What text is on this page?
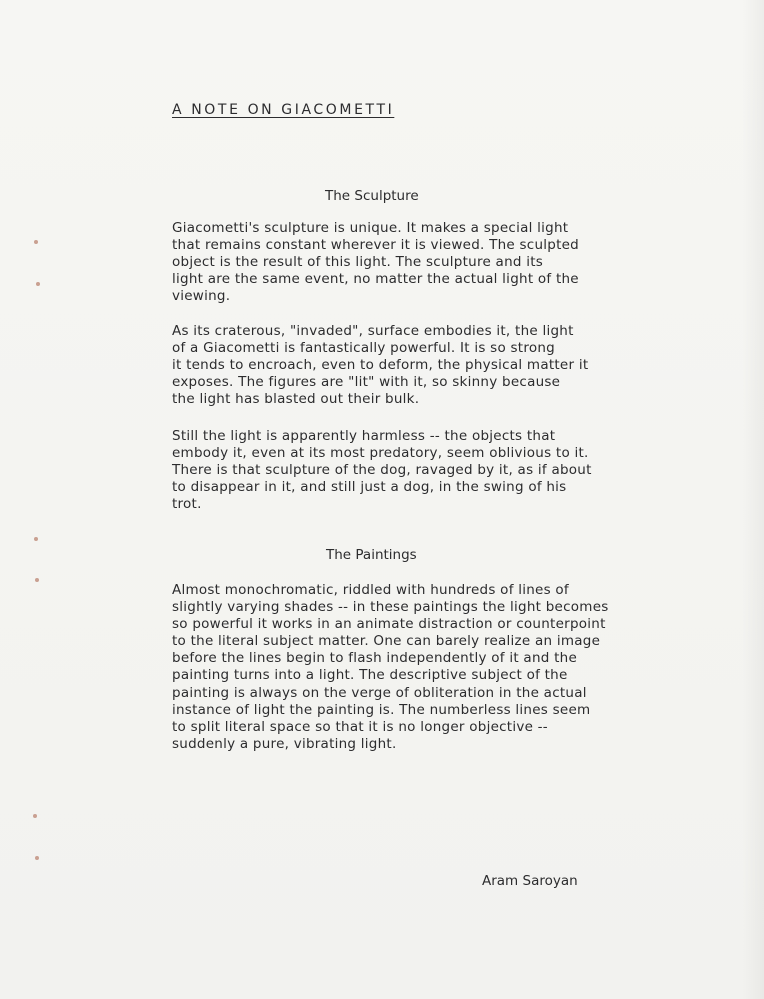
A NOTE ON GIACOMETTI
The Sculpture
Giacometti's sculpture is unique. It makes a special light
that remains constant wherever it is viewed. The sculpted
object is the result of this light. The sculpture and its
light are the same event, no matter the actual light of the
viewing.
As its craterous, "invaded", surface embodies it, the light
of a Giacometti is fantastically powerful. It is so strong
it tends to encroach, even to deform, the physical matter it
exposes. The figures are "lit" with it, so skinny because
the light has blasted out their bulk.
Still the light is apparently harmless -- the objects that
embody it, even at its most predatory, seem oblivious to it.
There is that sculpture of the dog, ravaged by it, as if about
to disappear in it, and still just a dog, in the swing of his
trot.
The Paintings
Almost monochromatic, riddled with hundreds of lines of
slightly varying shades -- in these paintings the light becomes
so powerful it works in an animate distraction or counterpoint
to the literal subject matter. One can barely realize an image
before the lines begin to flash independently of it and the
painting turns into a light. The descriptive subject of the
painting is always on the verge of obliteration in the actual
instance of light the painting is. The numberless lines seem
to split literal space so that it is no longer objective --
suddenly a pure, vibrating light.
Aram Saroyan
